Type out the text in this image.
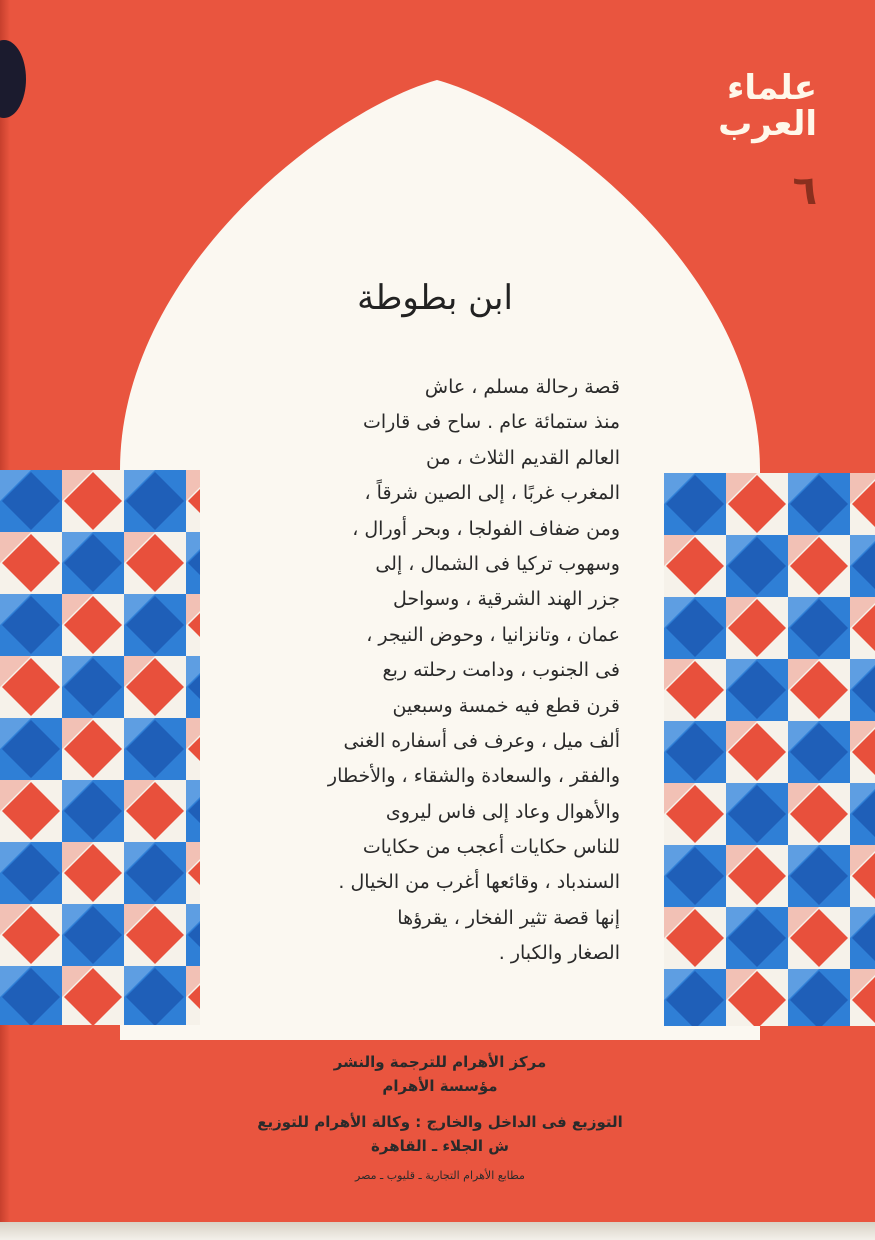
علماء
العرب
٦
ابن بطوطة
قصة رحالة مسلم ، عاش
منذ ستمائة عام . ساح فى قارات
العالم القديم الثلاث ، من
المغرب غربًا ، إلى الصين شرقاً ،
ومن ضفاف الفولجا ، وبحر أورال ،
وسهوب تركيا فى الشمال ، إلى
جزر الهند الشرقية ، وسواحل
عمان ، وتانزانيا ، وحوض النيجر ،
فى الجنوب ، ودامت رحلته ربع
قرن قطع فيه خمسة وسبعين
ألف ميل ، وعرف فى أسفاره الغنى
والفقر ، والسعادة والشقاء ، والأخطار
والأهوال وعاد إلى فاس ليروى
للناس حكايات أعجب من حكايات
السندباد ، وقائعها أغرب من الخيال .
إنها قصة تثير الفخار ، يقرؤها
الصغار والكبار .
مركز الأهرام للترجمة والنشر
مؤسسة الأهرام
التوزيع فى الداخل والخارج : وكالة الأهرام للتوزيع
ش الجلاء ـ القاهرة
مطابع الأهرام التجارية ـ قليوب ـ مصر
